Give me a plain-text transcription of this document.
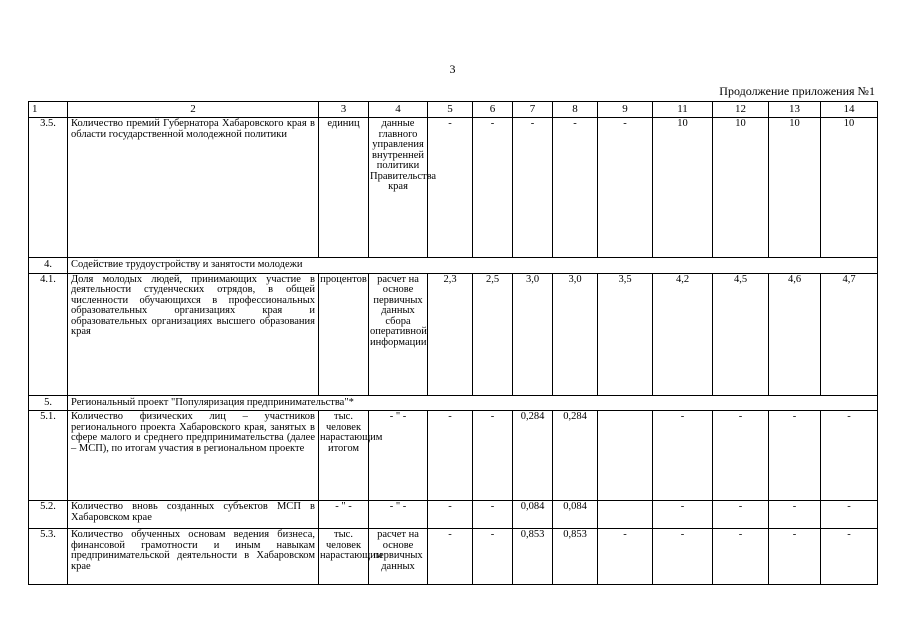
3
Продолжение приложения №1
1	2	3	4	5	6	7	8	9	11	12	13	14
3.5.	Количество премий Губернатора Хабаровского края в области государственной молодежной политики	единиц	данные главного управления внутренней политики Правительства края	-	-	-	-	-	10	10	10	10
4.	Содействие трудоустройству и занятости молодежи											
4.1.	Доля молодых людей, принимающих участие в деятельности студенческих отрядов, в общей численности обучающихся в профессиональных образовательных организациях края и образовательных организациях высшего образования края	процентов	расчет на основе первичных данных сбора оперативной информации	2,3	2,5	3,0	3,0	3,5	4,2	4,5	4,6	4,7
5.	Региональный проект "Популяризация предпринимательства"*											
5.1.	Количество физических лиц – участников регионального проекта Хабаровского края, занятых в сфере малого и среднего предпринимательства (далее – МСП), по итогам участия в региональном проекте	тыс. человек нарастающим итогом	- " -	-	-	0,284	0,284		-	-	-	-
5.2.	Количество вновь созданных субъектов МСП в Хабаровском крае	- " -	- " -	-	-	0,084	0,084		-	-	-	-
5.3.	Количество обученных основам ведения бизнеса, финансовой грамотности и иным навыкам предпринимательской деятельности в Хабаровском крае	тыс. человек нарастающим	расчет на основе первичных данных	-	-	0,853	0,853	-	-	-	-	-
